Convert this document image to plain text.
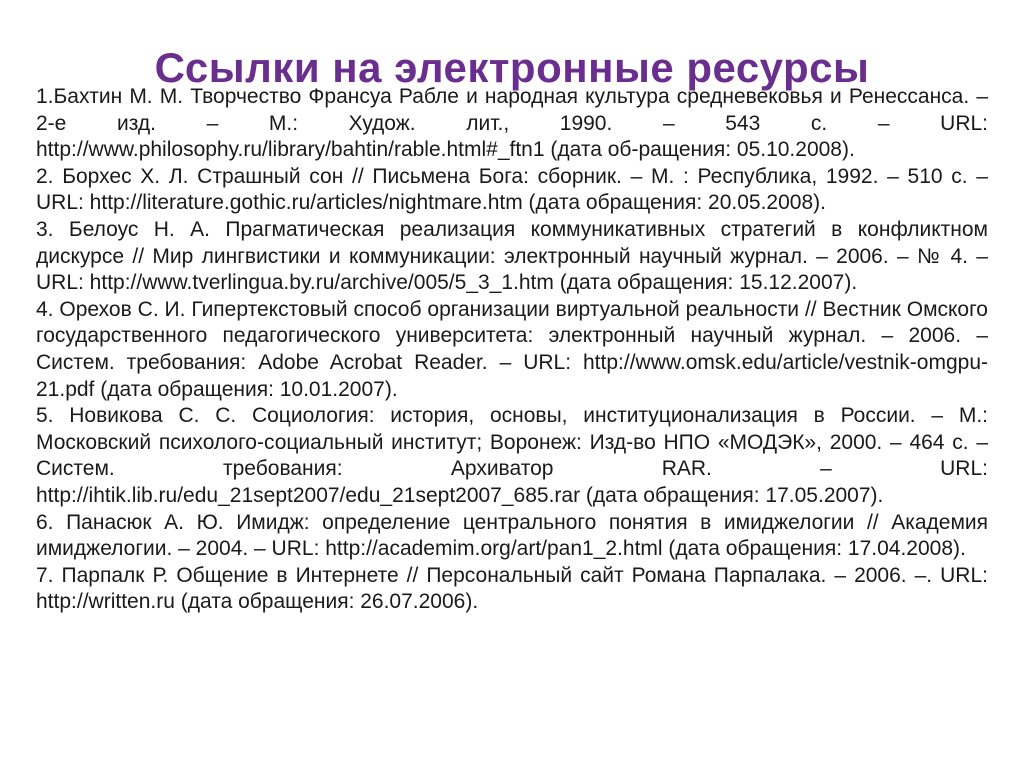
Ссылки на электронные ресурсы

1.Бахтин М. М. Творчество Франсуа Рабле и народная культура средневековья и Ренессанса. – 2-е изд. – М.: Худож. лит., 1990. – 543 с. – URL: http://www.philosophy.ru/library/bahtin/rable.html#_ftn1 (дата об-ращения: 05.10.2008).

2. Борхес Х. Л. Страшный сон // Письмена Бога: сборник. – М. : Республика, 1992. – 510 с. – URL: http://literature.gothic.ru/articles/nightmare.htm (дата обращения: 20.05.2008).

3. Белоус Н. А. Прагматическая реализация коммуникативных стратегий в конфликтном дискурсе // Мир лингвистики и коммуникации: электронный научный журнал. – 2006. – № 4. – URL: http://www.tverlingua.by.ru/archive/005/5_3_1.htm (дата обращения: 15.12.2007).

4. Орехов С. И. Гипертекстовый способ организации виртуальной реальности // Вестник Омского государственного педагогического университета: электронный научный журнал. – 2006. – Систем. требования: Adobe Acrobat Reader. – URL: http://www.omsk.edu/article/vestnik-omgpu-21.pdf (дата обращения: 10.01.2007).

5. Новикова С. С. Социология: история, основы, институционализация в России. – М.: Московский психолого-социальный институт; Воронеж: Изд-во НПО «МОДЭК», 2000. – 464 с. – Систем. требования: Архиватор RAR. – URL: http://ihtik.lib.ru/edu_21sept2007/edu_21sept2007_685.rar (дата обращения: 17.05.2007).

6. Панасюк А. Ю. Имидж: определение центрального понятия в имиджелогии // Академия имиджелогии. – 2004. – URL: http://academim.org/art/pan1_2.html (дата обращения: 17.04.2008).

7. Парпалк Р. Общение в Интернете // Персональный сайт Романа Парпалака. – 2006. –. URL: http://written.ru (дата обращения: 26.07.2006).
